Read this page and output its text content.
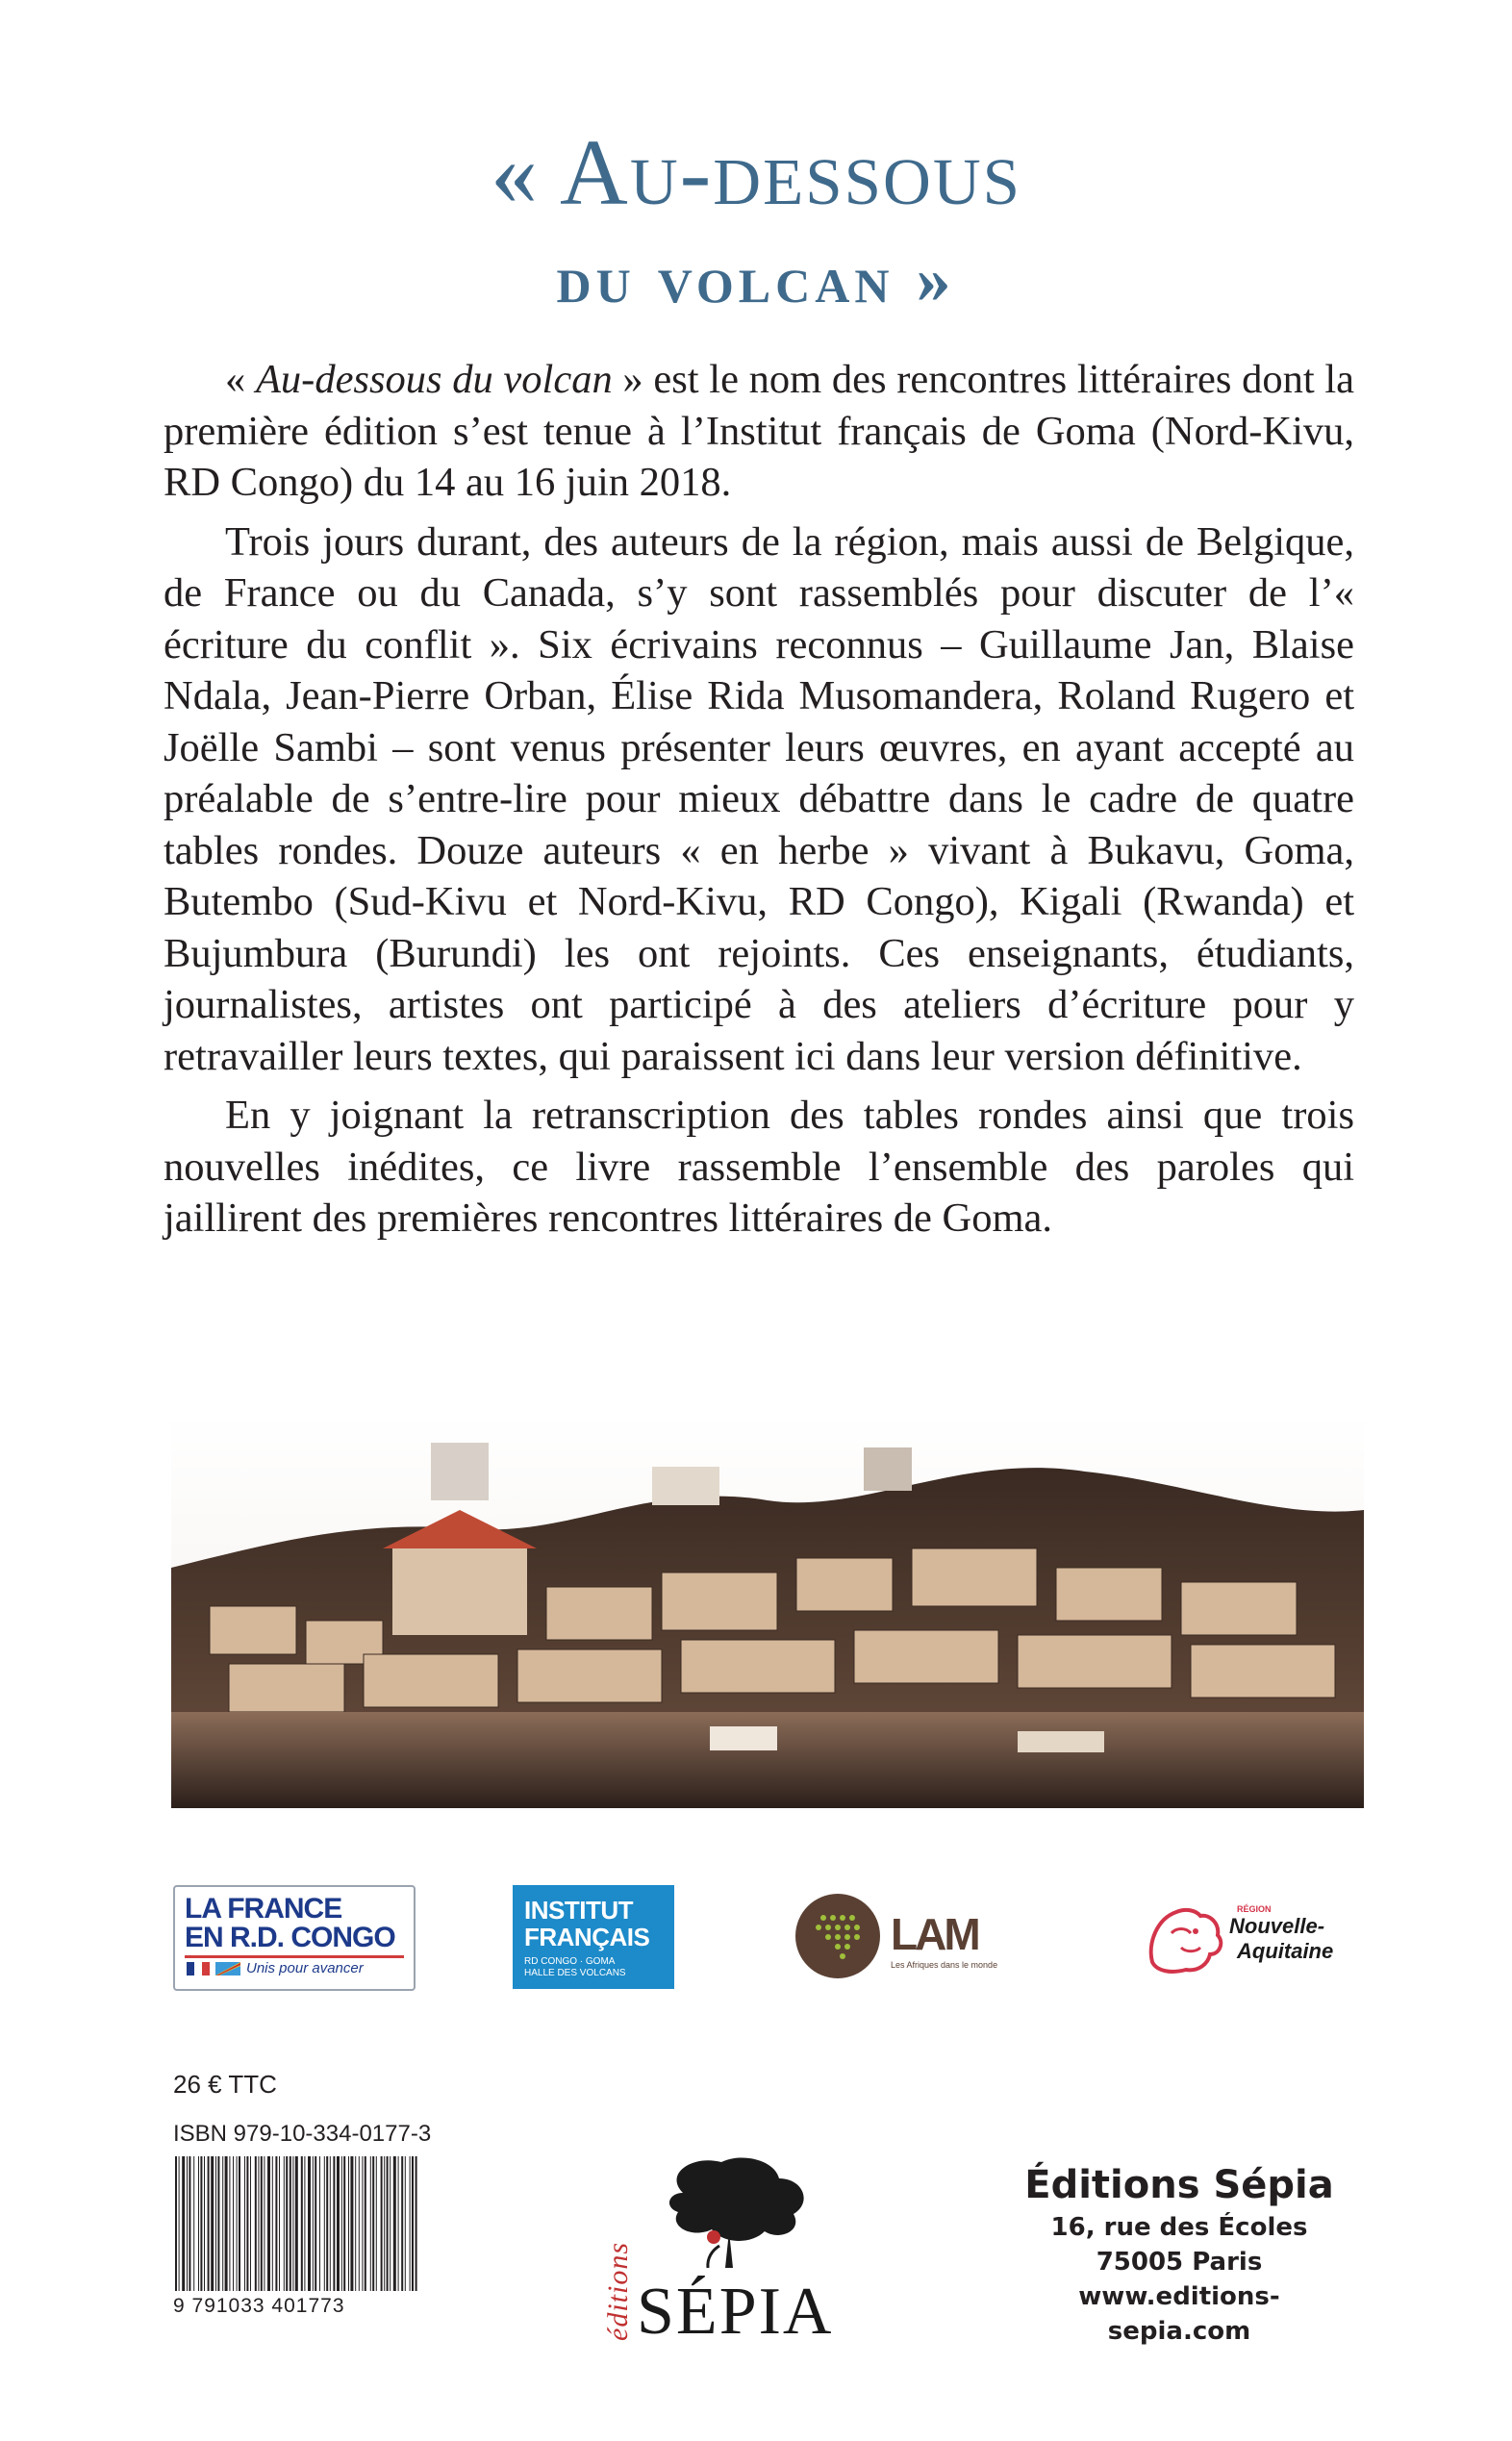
« Au-dessous
du volcan »

« Au-dessous du volcan » est le nom des rencontres littéraires dont la première édition s’est tenue à l’Institut français de Goma (Nord-Kivu, RD Congo) du 14 au 16 juin 2018.

Trois jours durant, des auteurs de la région, mais aussi de Belgique, de France ou du Canada, s’y sont rassemblés pour discuter de l’« écriture du conflit ». Six écrivains reconnus – Guillaume Jan, Blaise Ndala, Jean-Pierre Orban, Élise Rida Musomandera, Roland Rugero et Joëlle Sambi – sont venus présenter leurs œuvres, en ayant accepté au préalable de s’entre-lire pour mieux débattre dans le cadre de quatre tables rondes. Douze auteurs « en herbe » vivant à Bukavu, Goma, Butembo (Sud-Kivu et Nord-Kivu, RD Congo), Kigali (Rwanda) et Bujumbura (Burundi) les ont rejoints. Ces enseignants, étudiants, journalistes, artistes ont participé à des ateliers d’écriture pour y retravailler leurs textes, qui paraissent ici dans leur version définitive.

En y joignant la retranscription des tables rondes ainsi que trois nouvelles inédites, ce livre rassemble l’ensemble des paroles qui jaillirent des premières rencontres littéraires de Goma.

LA FRANCE
EN R.D. CONGO
Unis pour avancer
INSTITUT
FRANÇAIS
RD CONGO · GOMA
HALLE DES VOLCANS
LAM
Les Afriques dans le monde
RÉGION
Nouvelle-
Aquitaine
26 € TTC
ISBN 979-10-334-0177-3
9 791033 401773	éditions SÉPIA
Éditions Sépia
16, rue des Écoles
75005 Paris
www.editions-sepia.com
